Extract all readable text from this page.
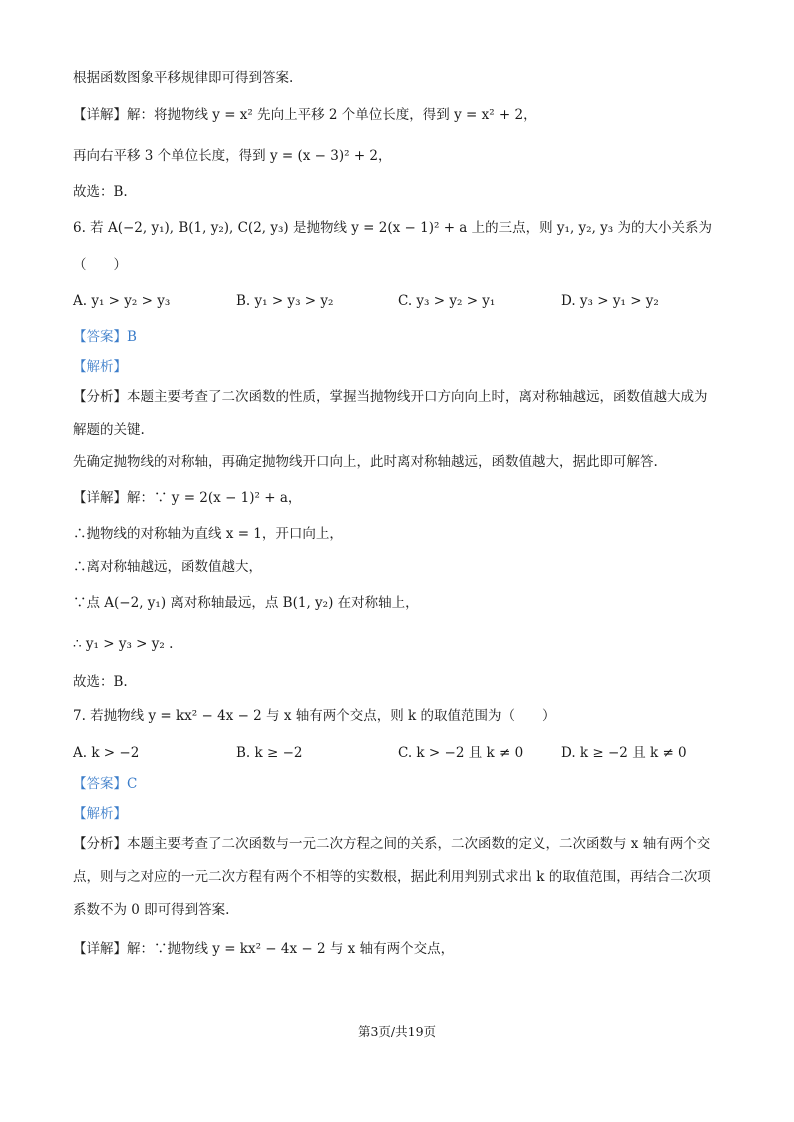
根据函数图象平移规律即可得到答案.
【详解】解：将抛物线 y = x² 先向上平移 2 个单位长度，得到 y = x² + 2，
再向右平移 3 个单位长度，得到 y = (x − 3)² + 2，
故选：B.
6. 若 A(−2, y₁), B(1, y₂), C(2, y₃) 是抛物线 y = 2(x − 1)² + a 上的三点，则 y₁, y₂, y₃ 为的大小关系为
（　　）
A. y₁ > y₂ > y₃	B. y₁ > y₃ > y₂	C. y₃ > y₂ > y₁	D. y₃ > y₁ > y₂
【答案】B
【解析】
【分析】本题主要考查了二次函数的性质，掌握当抛物线开口方向向上时，离对称轴越远，函数值越大成为
解题的关键.
先确定抛物线的对称轴，再确定抛物线开口向上，此时离对称轴越远，函数值越大，据此即可解答.
【详解】解：∵ y = 2(x − 1)² + a，
∴抛物线的对称轴为直线 x = 1，开口向上，
∴离对称轴越远，函数值越大，
∵点 A(−2, y₁) 离对称轴最远，点 B(1, y₂) 在对称轴上，
∴ y₁ > y₃ > y₂ .
故选：B.
7. 若抛物线 y = kx² − 4x − 2 与 x 轴有两个交点，则 k 的取值范围为（　　）
A. k > −2	B. k ≥ −2	C. k > −2 且 k ≠ 0	D. k ≥ −2 且 k ≠ 0
【答案】C
【解析】
【分析】本题主要考查了二次函数与一元二次方程之间的关系，二次函数的定义，二次函数与 x 轴有两个交
点，则与之对应的一元二次方程有两个不相等的实数根，据此利用判别式求出 k 的取值范围，再结合二次项
系数不为 0 即可得到答案.
【详解】解：∵抛物线 y = kx² − 4x − 2 与 x 轴有两个交点，
第3页/共19页
